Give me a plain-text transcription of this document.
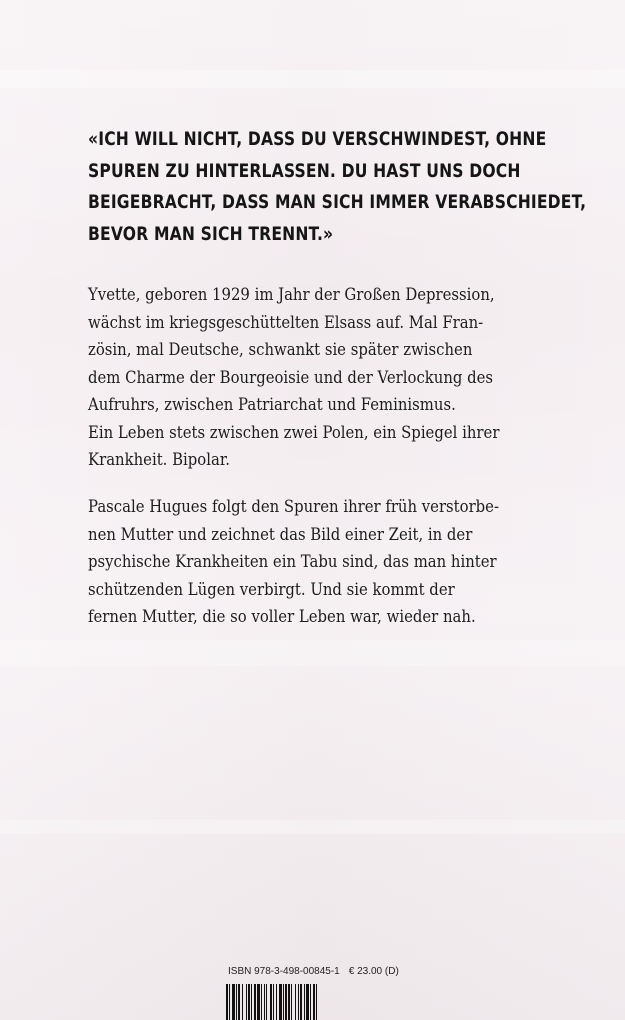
«ICH WILL NICHT, DASS DU VERSCHWINDEST, OHNE
SPUREN ZU HINTERLASSEN. DU HAST UNS DOCH
BEIGEBRACHT, DASS MAN SICH IMMER VERABSCHIEDET,
BEVOR MAN SICH TRENNT.»
Yvette, geboren 1929 im Jahr der Großen Depression,
wächst im kriegsgeschüttelten Elsass auf. Mal Fran-
zösin, mal Deutsche, schwankt sie später zwischen
dem Charme der Bourgeoisie und der Verlockung des
Aufruhrs, zwischen Patriarchat und Feminismus.
Ein Leben stets zwischen zwei Polen, ein Spiegel ihrer
Krankheit. Bipolar.
Pascale Hugues folgt den Spuren ihrer früh verstorbe-
nen Mutter und zeichnet das Bild einer Zeit, in der
psychische Krankheiten ein Tabu sind, das man hinter
schützenden Lügen verbirgt. Und sie kommt der
fernen Mutter, die so voller Leben war, wieder nah.
ISBN 978-3-498-00845-1 € 23.00 (D)
